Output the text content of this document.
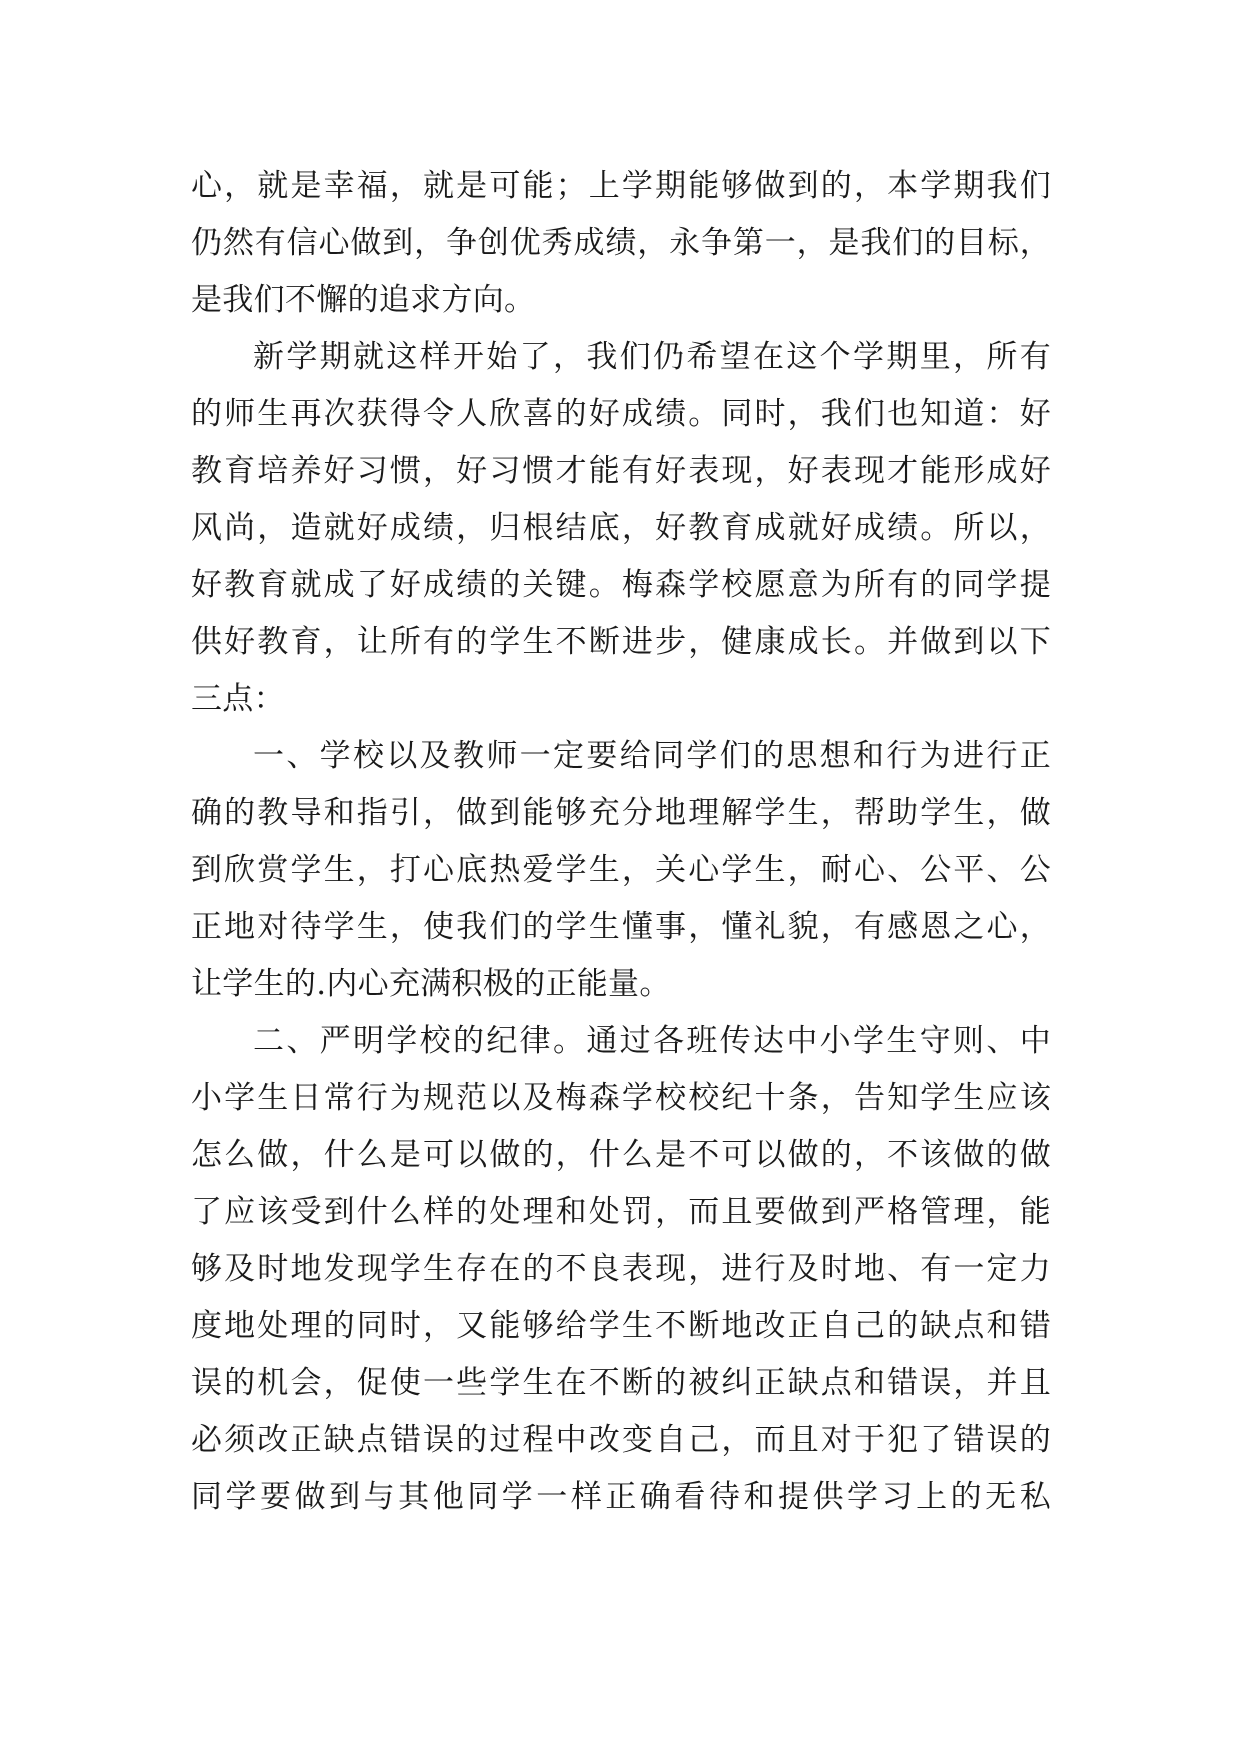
心，就是幸福，就是可能；上学期能够做到的，本学期我们
仍然有信心做到，争创优秀成绩，永争第一，是我们的目标，
是我们不懈的追求方向。
新学期就这样开始了，我们仍希望在这个学期里，所有
的师生再次获得令人欣喜的好成绩。同时，我们也知道：好
教育培养好习惯，好习惯才能有好表现，好表现才能形成好
风尚，造就好成绩，归根结底，好教育成就好成绩。所以，
好教育就成了好成绩的关键。梅森学校愿意为所有的同学提
供好教育，让所有的学生不断进步，健康成长。并做到以下
三点：
一、学校以及教师一定要给同学们的思想和行为进行正
确的教导和指引，做到能够充分地理解学生，帮助学生，做
到欣赏学生，打心底热爱学生，关心学生，耐心、公平、公
正地对待学生，使我们的学生懂事，懂礼貌，有感恩之心，
让学生的.内心充满积极的正能量。
二、严明学校的纪律。通过各班传达中小学生守则、中
小学生日常行为规范以及梅森学校校纪十条，告知学生应该
怎么做，什么是可以做的，什么是不可以做的，不该做的做
了应该受到什么样的处理和处罚，而且要做到严格管理，能
够及时地发现学生存在的不良表现，进行及时地、有一定力
度地处理的同时，又能够给学生不断地改正自己的缺点和错
误的机会，促使一些学生在不断的被纠正缺点和错误，并且
必须改正缺点错误的过程中改变自己，而且对于犯了错误的
同学要做到与其他同学一样正确看待和提供学习上的无私
